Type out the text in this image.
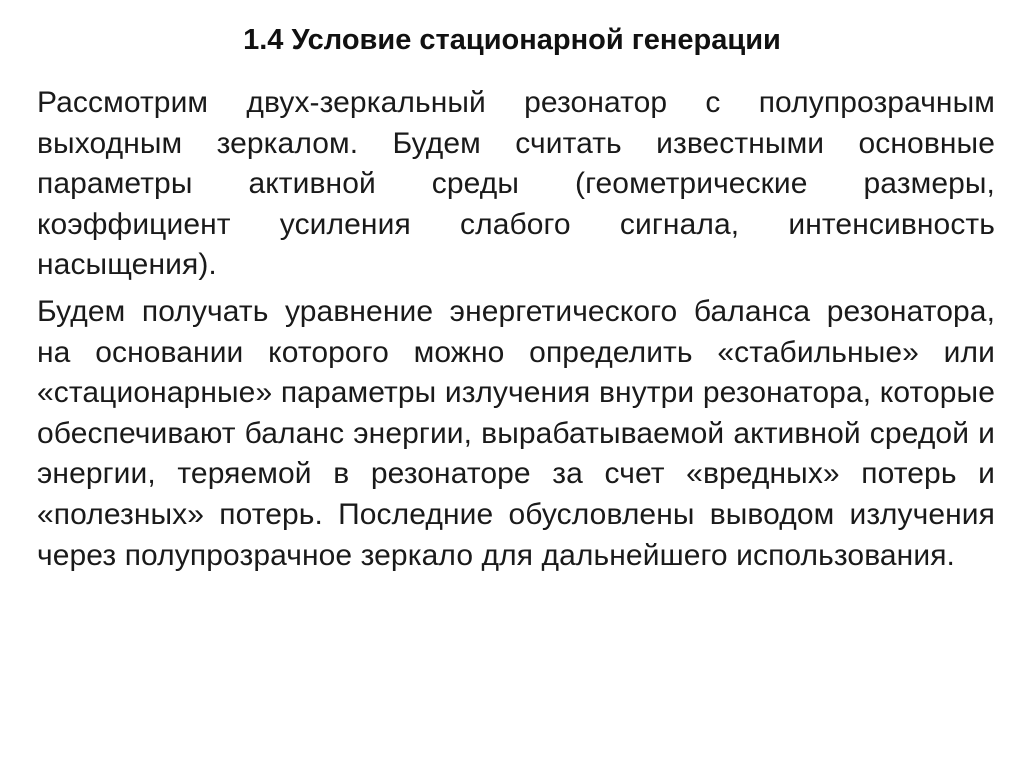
1.4 Условие стационарной генерации

Рассмотрим двух-зеркальный резонатор с полупрозрачным выходным зеркалом. Будем считать известными основные параметры активной среды (геометрические размеры, коэффициент усиления слабого сигнала, интенсивность насыщения).

Будем получать уравнение энергетического баланса резонатора, на основании которого можно определить «стабильные» или «стационарные» параметры излучения внутри резонатора, которые обеспечивают баланс энергии, вырабатываемой активной средой и энергии, теряемой в резонаторе за счет «вредных» потерь и «полезных» потерь. Последние обусловлены выводом излучения через полупрозрачное зеркало для дальнейшего использования.
